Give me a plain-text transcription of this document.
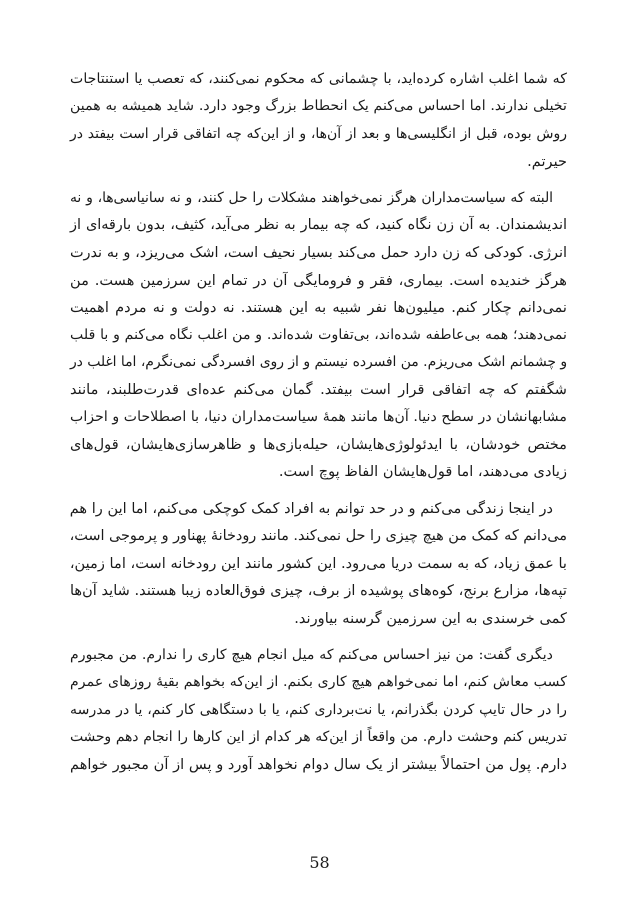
که شما اغلب اشاره کرده‌اید، با چشمانی که محکوم نمی‌کنند، که تعصب یا استنتاجات
تخیلی ندارند. اما احساس می‌کنم یک انحطاط بزرگ وجود دارد. شاید همیشه به همین
روش بوده، قبل از انگلیسی‌ها و بعد از آن‌ها، و از این‌که چه اتفاقی قرار است بیفتد در
حیرتم.
البته که سیاست‌مداران هرگز نمی‌خواهند مشکلات را حل کنند، و نه سانیاسی‌ها، و نه
اندیشمندان. به آن زن نگاه کنید، که چه بیمار به نظر می‌آید، کثیف، بدون بارقه‌ای از
انرژی. کودکی که زن دارد حمل می‌کند بسیار نحیف است، اشک می‌ریزد، و به ندرت
هرگز خندیده است. بیماری، فقر و فرومایگی آن در تمام این سرزمین هست. من
نمی‌دانم چکار کنم. میلیون‌ها نفر شبیه به این هستند. نه دولت و نه مردم اهمیت
نمی‌دهند؛ همه بی‌عاطفه شده‌اند، بی‌تفاوت شده‌اند. و من اغلب نگاه می‌کنم و با قلب
و چشمانم اشک می‌ریزم. من افسرده نیستم و از روی افسردگی نمی‌نگرم، اما اغلب در
شگفتم که چه اتفاقی قرار است بیفتد. گمان می‌کنم عده‌ای قدرت‌طلبند، مانند
مشابهانشان در سطح دنیا. آن‌ها مانند همهٔ سیاست‌مداران دنیا، با اصطلاحات و احزاب
مختص خودشان، با ایدئولوژی‌هایشان، حیله‌بازی‌ها و ظاهرسازی‌هایشان، قول‌های
زیادی می‌دهند، اما قول‌هایشان الفاظ پوچ است.
در اینجا زندگی می‌کنم و در حد توانم به افراد کمک کوچکی می‌کنم، اما این را هم
می‌دانم که کمک من هیچ چیزی را حل نمی‌کند. مانند رودخانهٔ پهناور و پرموجی است،
با عمق زیاد، که به سمت دریا می‌رود. این کشور مانند این رودخانه است، اما زمین،
تپه‌ها، مزارع برنج، کوه‌های پوشیده از برف، چیزی فوق‌العاده زیبا هستند. شاید آن‌ها
کمی خرسندی به این سرزمین گرسنه بیاورند.
دیگری گفت: من نیز احساس می‌کنم که میل انجام هیچ کاری را ندارم. من مجبورم
کسب معاش کنم، اما نمی‌خواهم هیچ کاری بکنم. از این‌که بخواهم بقیهٔ روزهای عمرم
را در حال تایپ کردن بگذرانم، یا نت‌برداری کنم، یا با دستگاهی کار کنم، یا در مدرسه
تدریس کنم وحشت دارم. من واقعاً از این‌که هر کدام از این کارها را انجام دهم وحشت
دارم. پول من احتمالاً بیشتر از یک سال دوام نخواهد آورد و پس از آن مجبور خواهم
58
